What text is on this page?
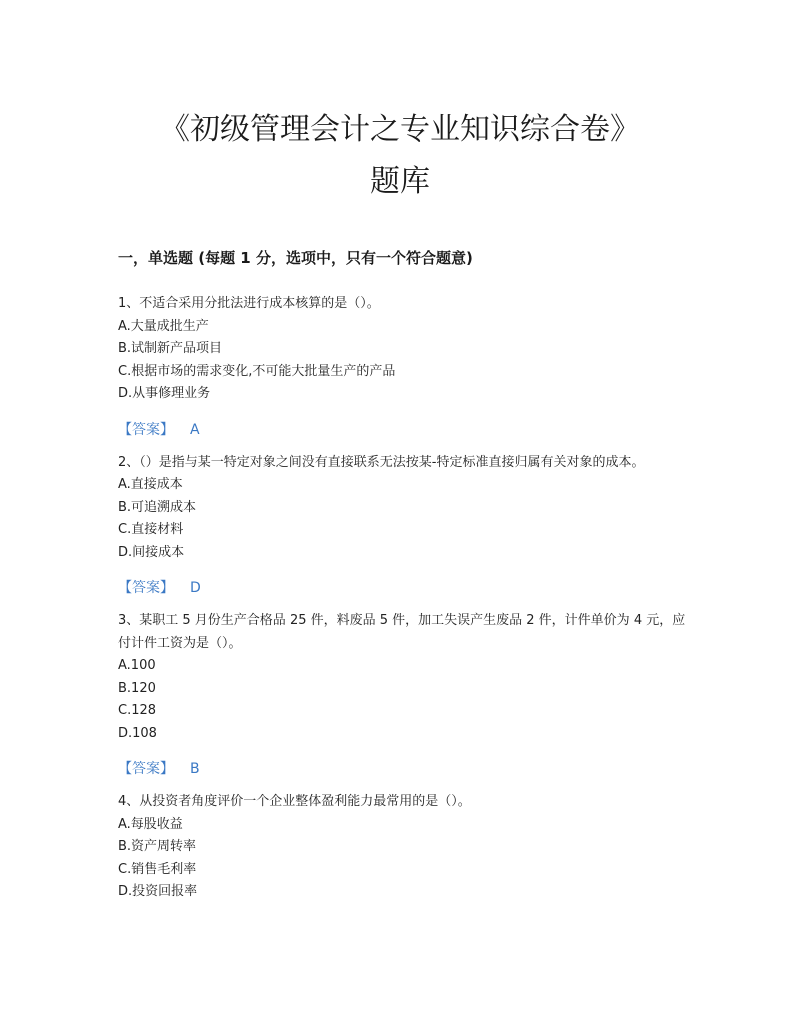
《初级管理会计之专业知识综合卷》
题库
一，单选题 (每题 1 分，选项中，只有一个符合题意)

1、不适合采用分批法进行成本核算的是（）。

A.大量成批生产

B.试制新产品项目

C.根据市场的需求变化,不可能大批量生产的产品

D.从事修理业务

【答案】 A

2、（）是指与某一特定对象之间没有直接联系无法按某-特定标准直接归属有关对象的成本。

A.直接成本

B.可追溯成本

C.直接材料

D.间接成本

【答案】 D

3、某职工 5 月份生产合格品 25 件，料废品 5 件，加工失误产生废品 2 件，计件单价为 4 元，应付计件工资为是（）。

A.100

B.120

C.128

D.108

【答案】 B

4、从投资者角度评价一个企业整体盈利能力最常用的是（）。

A.每股收益

B.资产周转率

C.销售毛利率

D.投资回报率
